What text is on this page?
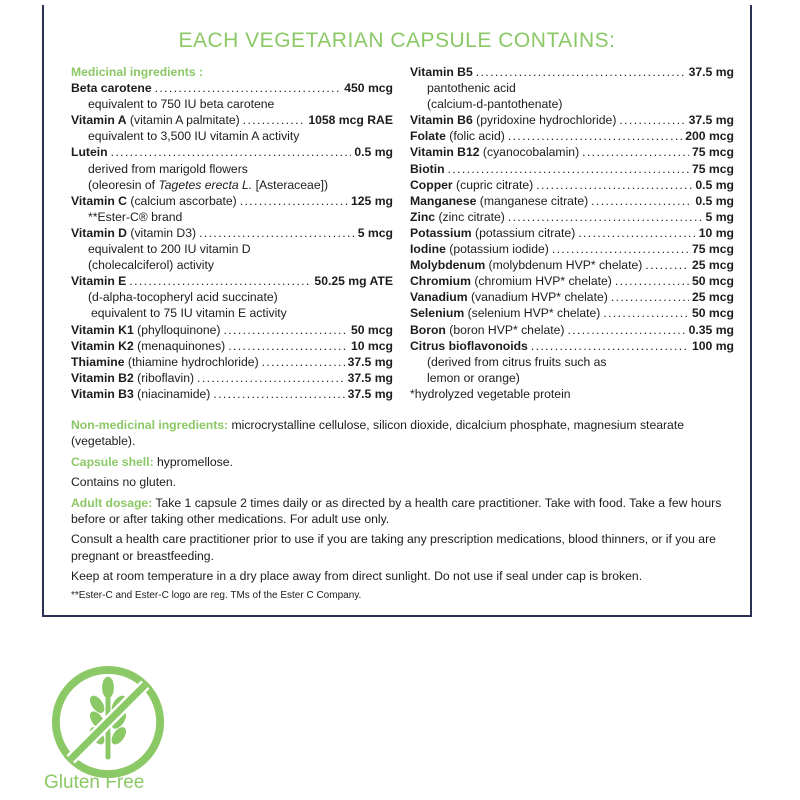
EACH VEGETARIAN CAPSULE CONTAINS:
Medicinal ingredients :
Beta carotene . . .	450 mcg
equivalent to 750 IU beta carotene
Vitamin A (vitamin A palmitate) . . .	1058 mcg RAE
equivalent to 3,500 IU vitamin A activity
Lutein . . .	0.5 mg
derived from marigold flowers
(oleoresin of Tagetes erecta L. [Asteraceae])
Vitamin C (calcium ascorbate) . . .	125 mg
**Ester-C® brand
Vitamin D (vitamin D3) . . .	5 mcg
equivalent to 200 IU vitamin D
(cholecalciferol) activity
Vitamin E . . .	50.25 mg ATE
(d-alpha-tocopheryl acid succinate)
equivalent to 75 IU vitamin E activity
Vitamin K1 (phylloquinone) . . .	50 mcg
Vitamin K2 (menaquinones) . . .	10 mcg
Thiamine (thiamine hydrochloride) . . .	37.5 mg
Vitamin B2 (riboflavin) . . .	37.5 mg
Vitamin B3 (niacinamide) . . .	37.5 mg
Vitamin B5 . . .	37.5 mg
pantothenic acid
(calcium-d-pantothenate)
Vitamin B6 (pyridoxine hydrochloride) . . .	37.5 mg
Folate (folic acid) . . .	200 mcg
Vitamin B12 (cyanocobalamin) . . .	75 mcg
Biotin . . .	75 mcg
Copper (cupric citrate) . . .	0.5 mg
Manganese (manganese citrate) . . .	0.5 mg
Zinc (zinc citrate) . . .	5 mg
Potassium (potassium citrate) . . .	10 mg
Iodine (potassium iodide) . . .	75 mcg
Molybdenum (molybdenum HVP* chelate) . . .	25 mcg
Chromium (chromium HVP* chelate) . . .	50 mcg
Vanadium (vanadium HVP* chelate) . . .	25 mcg
Selenium (selenium HVP* chelate) . . .	50 mcg
Boron (boron HVP* chelate) . . .	0.35 mg
Citrus bioflavonoids . . .	100 mg
(derived from citrus fruits such as
lemon or orange)
*hydrolyzed vegetable protein

Non-medicinal ingredients: microcrystalline cellulose, silicon dioxide, dicalcium phosphate, magnesium stearate (vegetable).

Capsule shell: hypromellose.

Contains no gluten.

Adult dosage: Take 1 capsule 2 times daily or as directed by a health care practitioner. Take with food. Take a few hours before or after taking other medications. For adult use only.

Consult a health care practitioner prior to use if you are taking any prescription medications, blood thinners, or if you are pregnant or breastfeeding.

Keep at room temperature in a dry place away from direct sunlight. Do not use if seal under cap is broken.

**Ester-C and Ester-C logo are reg. TMs of the Ester C Company.

Gluten Free
